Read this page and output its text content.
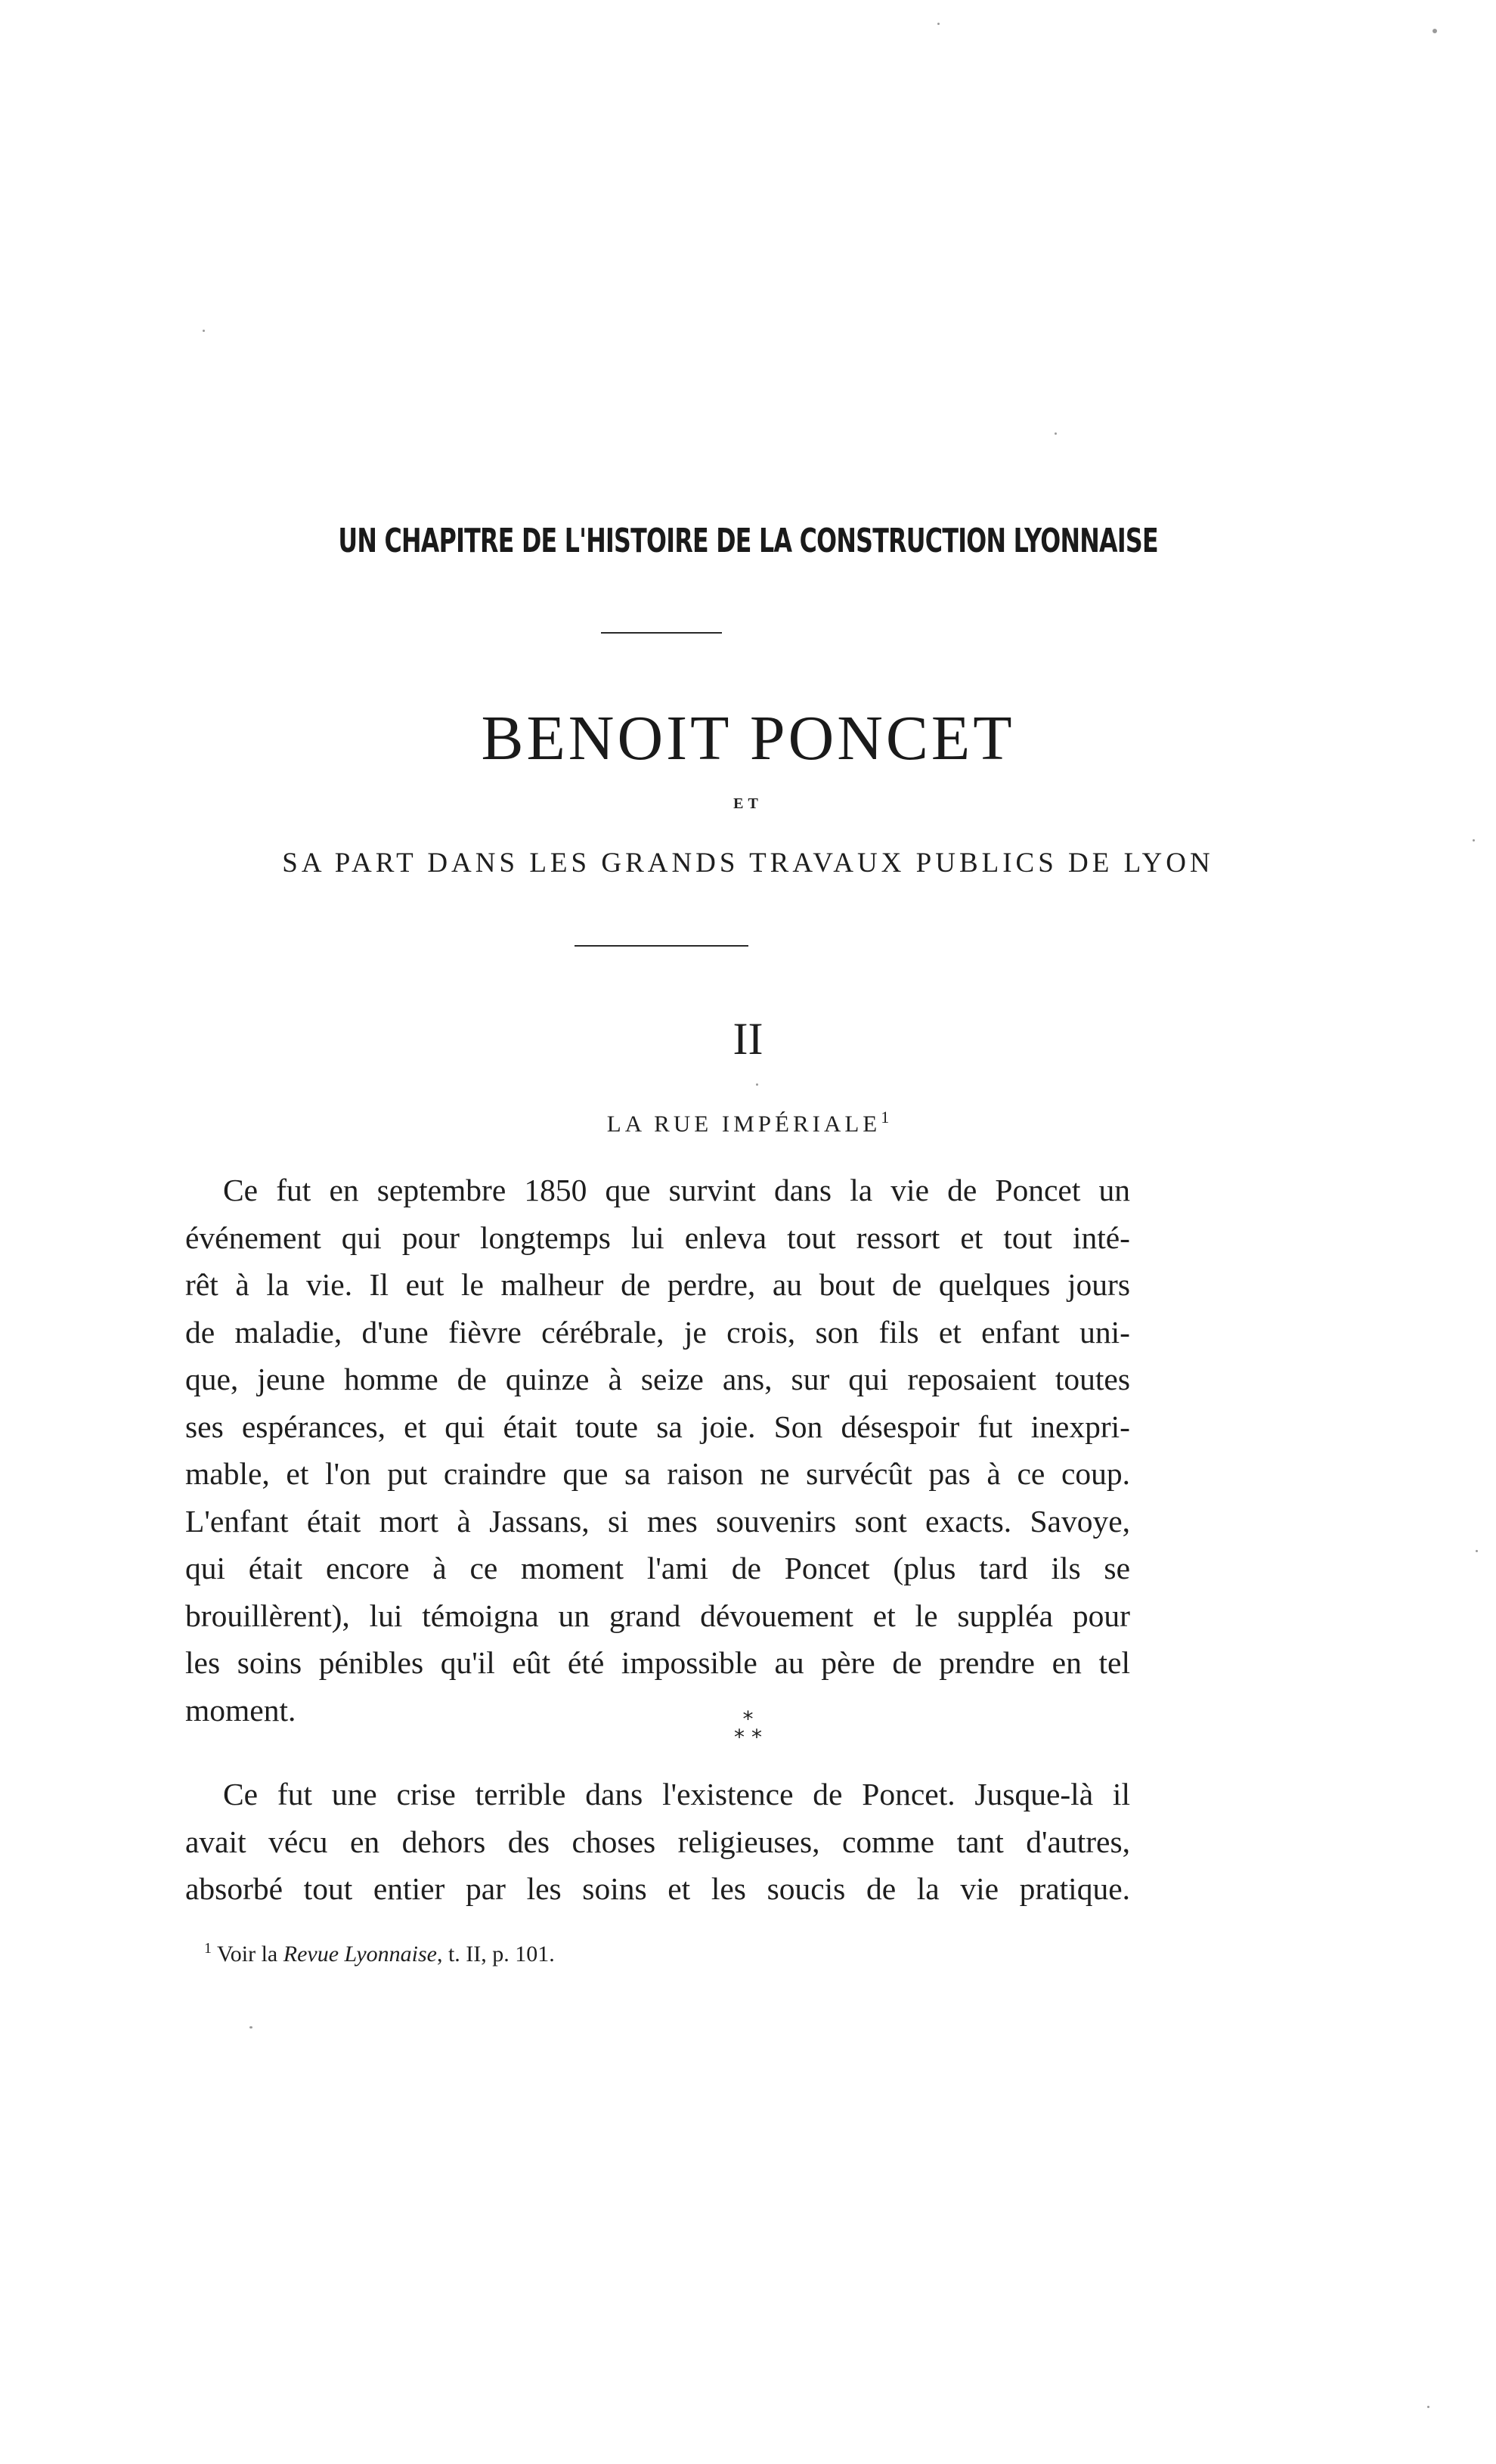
UN CHAPITRE DE L'HISTOIRE DE LA CONSTRUCTION LYONNAISE
BENOIT PONCET
ET
SA PART DANS LES GRANDS TRAVAUX PUBLICS DE LYON
II
LA RUE IMPÉRIALE$^1$
Ce fut en septembre 1850 que survint dans la vie de Poncet un
événement qui pour longtemps lui enleva tout ressort et tout inté-
rêt à la vie. Il eut le malheur de perdre, au bout de quelques jours
de maladie, d'une fièvre cérébrale, je crois, son fils et enfant uni-
que, jeune homme de quinze à seize ans, sur qui reposaient toutes
ses espérances, et qui était toute sa joie. Son désespoir fut inexpri-
mable, et l'on put craindre que sa raison ne survécût pas à ce coup.
L'enfant était mort à Jassans, si mes souvenirs sont exacts. Savoye,
qui était encore à ce moment l'ami de Poncet (plus tard ils se
brouillèrent), lui témoigna un grand dévouement et le suppléa pour
les soins pénibles qu'il eût été impossible au père de prendre en tel
moment.	*
* *
Ce fut une crise terrible dans l'existence de Poncet. Jusque-là il
avait vécu en dehors des choses religieuses, comme tant d'autres,
absorbé tout entier par les soins et les soucis de la vie pratique.
$^1$ Voir la Revue Lyonnaise, t. II, p. 101.
